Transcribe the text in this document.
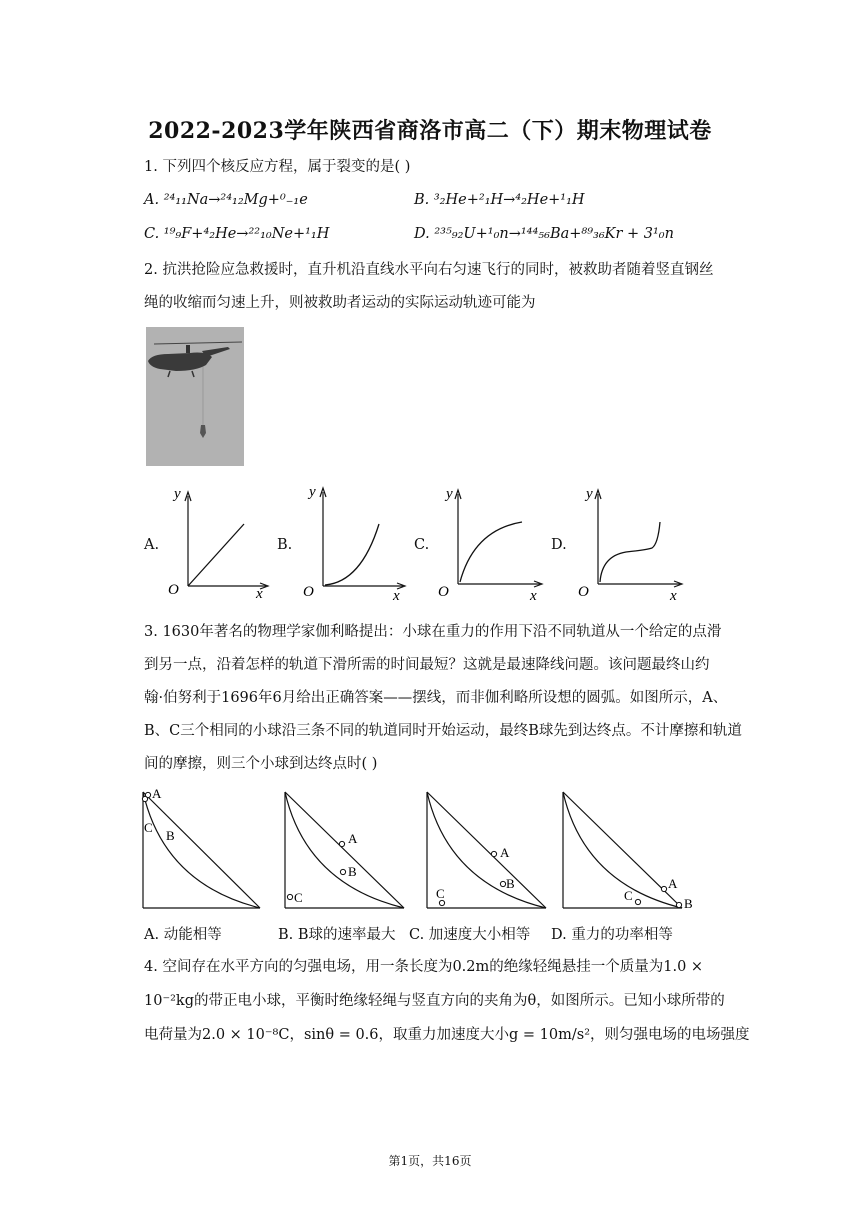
2022-2023学年陕西省商洛市高二（下）期末物理试卷
1. 下列四个核反应方程，属于裂变的是( )
A. ²⁴₁₁Na→²⁴₁₂Mg+⁰₋₁e	B. ³₂He+²₁H→⁴₂He+¹₁H
C. ¹⁹₉F+⁴₂He→²²₁₀Ne+¹₁H	D. ²³⁵₉₂U+¹₀n→¹⁴⁴₅₆Ba+⁸⁹₃₆Kr + 3¹₀n
2. 抗洪抢险应急救援时，直升机沿直线水平向右匀速飞行的同时，被救助者随着竖直钢丝
绳的收缩而匀速上升，则被救助者运动的实际运动轨迹可能为
A.	B.	C.	D.
y
O	x
y
O	x
y
O	x
y
O	x
3. 1630年著名的物理学家伽利略提出：小球在重力的作用下沿不同轨道从一个给定的点滑
到另一点，沿着怎样的轨道下滑所需的时间最短？这就是最速降线问题。该问题最终山约
翰·伯努利于1696年6月给出正确答案——摆线，而非伽利略所设想的圆弧。如图所示，A、
B、C三个相同的小球沿三条不同的轨道同时开始运动，最终B球先到达终点。不计摩擦和轨道
间的摩擦，则三个小球到达终点时( )
A
C
B	A
B
C
A
B
C
A
B
C
A. 动能相等	B. B球的速率最大 C. 加速度大小相等 D. 重力的功率相等
4. 空间存在水平方向的匀强电场，用一条长度为0.2m的绝缘轻绳悬挂一个质量为1.0 ×
10⁻²kg的带正电小球，平衡时绝缘轻绳与竖直方向的夹角为θ，如图所示。已知小球所带的
电荷量为2.0 × 10⁻⁸C，sinθ = 0.6，取重力加速度大小g = 10m/s²，则匀强电场的电场强度
第1页，共16页
